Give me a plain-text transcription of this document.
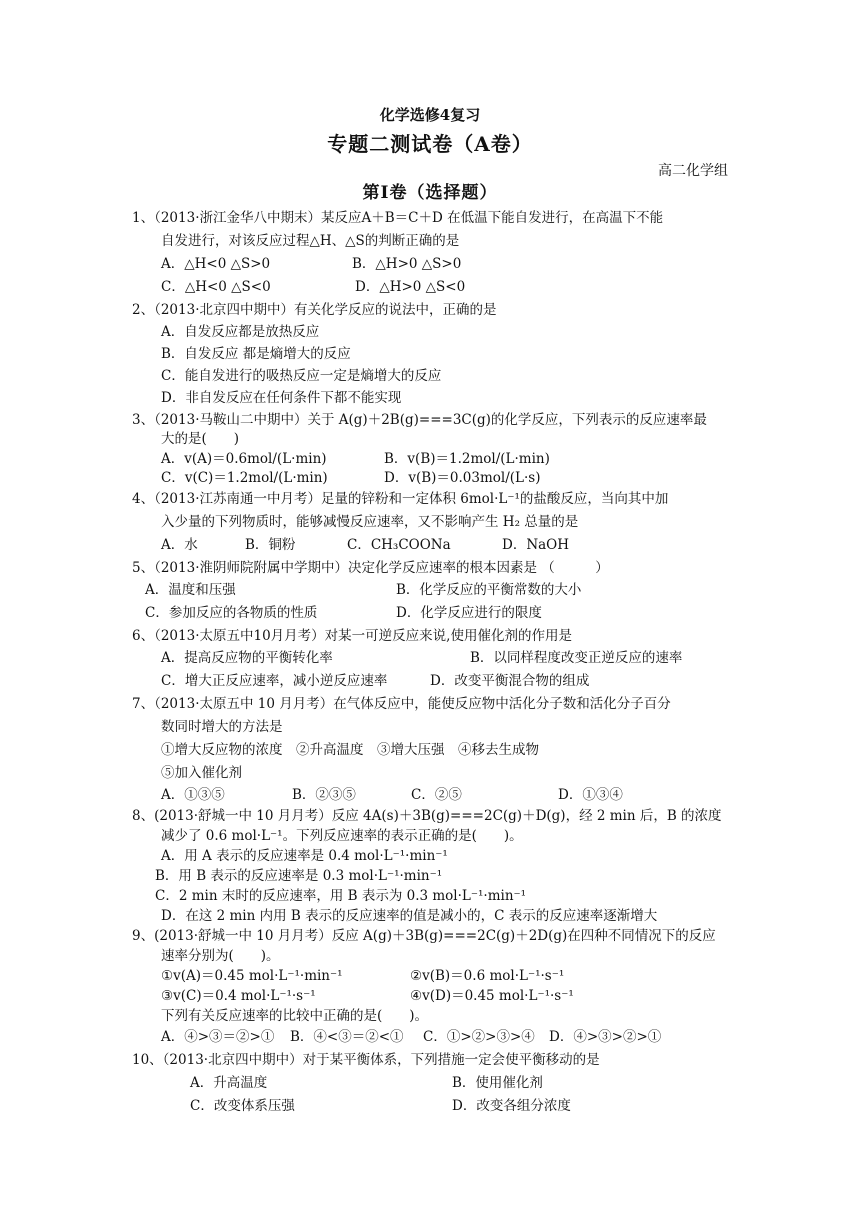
化学选修4复习
专题二测试卷（A卷）
高二化学组
第Ⅰ卷（选择题）
1、（2013·浙江金华八中期末）某反应A＋B＝C＋D 在低温下能自发进行，在高温下不能
自发进行，对该反应过程△H、△S的判断正确的是
A．△H<0 △S>0	B．△H>0 △S>0
C．△H<0 △S<0	D．△H>0 △S<0
2、（2013·北京四中期中）有关化学反应的说法中，正确的是
A．自发反应都是放热反应
B．自发反应 都是熵增大的反应
C．能自发进行的吸热反应一定是熵增大的反应
D．非自发反应在任何条件下都不能实现
3、（2013·马鞍山二中期中）关于 A(g)＋2B(g)===3C(g)的化学反应，下列表示的反应速率最
大的是(　　)
A．v(A)＝0.6mol/(L·min)	B．v(B)＝1.2mol/(L·min)
C．v(C)＝1.2mol/(L·min)	D．v(B)＝0.03mol/(L·s)
4、（2013·江苏南通一中月考）足量的锌粉和一定体积 6mol·L⁻¹的盐酸反应，当向其中加
入少量的下列物质时，能够减慢反应速率，又不影响产生 H₂ 总量的是
A．水	B．铜粉	C．CH₃COONa	D．NaOH
5、（2013·淮阴师院附属中学期中）决定化学反应速率的根本因素是 （　　　）
A．温度和压强	B．化学反应的平衡常数的大小
C．参加反应的各物质的性质	D．化学反应进行的限度
6、（2013·太原五中10月月考）对某一可逆反应来说,使用催化剂的作用是
A．提高反应物的平衡转化率	B．以同样程度改变正逆反应的速率
C．增大正反应速率，减小逆反应速率	D．改变平衡混合物的组成
7、（2013·太原五中 10 月月考）在气体反应中，能使反应物中活化分子数和活化分子百分
数同时增大的方法是
①增大反应物的浓度　②升高温度　③增大压强　④移去生成物
⑤加入催化剂
A．①③⑤	B．②③⑤	C．②⑤	D．①③④
8、(2013·舒城一中 10 月月考）反应 4A(s)＋3B(g)===2C(g)＋D(g)，经 2 min 后，B 的浓度
减少了 0.6 mol·L⁻¹。下列反应速率的表示正确的是(　　)。
A．用 A 表示的反应速率是 0.4 mol·L⁻¹·min⁻¹
B．用 B 表示的反应速率是 0.3 mol·L⁻¹·min⁻¹
C．2 min 末时的反应速率，用 B 表示为 0.3 mol·L⁻¹·min⁻¹
D．在这 2 min 内用 B 表示的反应速率的值是减小的，C 表示的反应速率逐渐增大
9、(2013·舒城一中 10 月月考）反应 A(g)＋3B(g)===2C(g)＋2D(g)在四种不同情况下的反应
速率分别为(　　)。
①v(A)＝0.45 mol·L⁻¹·min⁻¹	②v(B)＝0.6 mol·L⁻¹·s⁻¹
③v(C)＝0.4 mol·L⁻¹·s⁻¹	④v(D)＝0.45 mol·L⁻¹·s⁻¹
下列有关反应速率的比较中正确的是(　　)。
A．④>③＝②>① B．④<③＝②<① C．①>②>③>④ D．④>③>②>①
10、（2013·北京四中期中）对于某平衡体系，下列措施一定会使平衡移动的是
A．升高温度	B．使用催化剂
C．改变体系压强	D．改变各组分浓度
